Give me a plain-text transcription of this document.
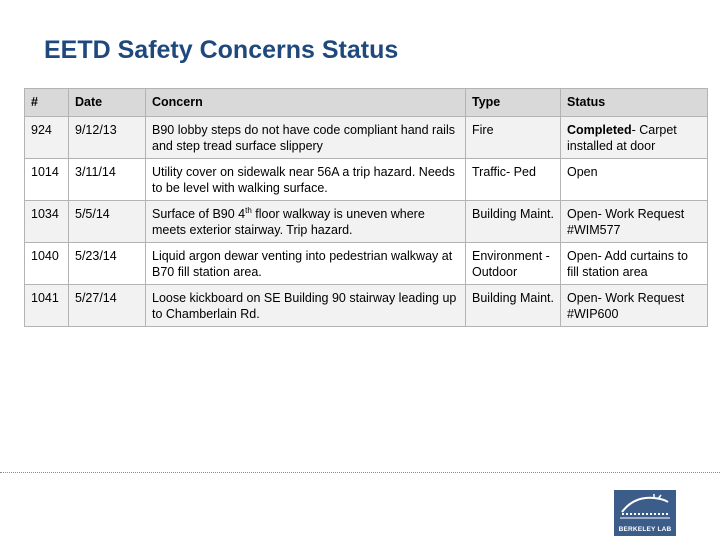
EETD Safety Concerns Status
#	Date	Concern	Type	Status
924	9/12/13	B90 lobby steps do not have code compliant hand rails and step tread surface slippery	Fire	Completed- Carpet installed at door
1014	3/11/14	Utility cover on sidewalk near 56A a trip hazard. Needs to be level with walking surface.	Traffic- Ped	Open
1034	5/5/14	Surface of B90 4th floor walkway is uneven where meets exterior stairway. Trip hazard.	Building Maint.	Open- Work Request #WIM577
1040	5/23/14	Liquid argon dewar venting into pedestrian walkway at B70 fill station area.	Environment - Outdoor	Open- Add curtains to fill station area
1041	5/27/14	Loose kickboard on SE Building 90 stairway leading up to Chamberlain Rd.	Building Maint.	Open- Work Request #WIP600
BERKELEY LAB
